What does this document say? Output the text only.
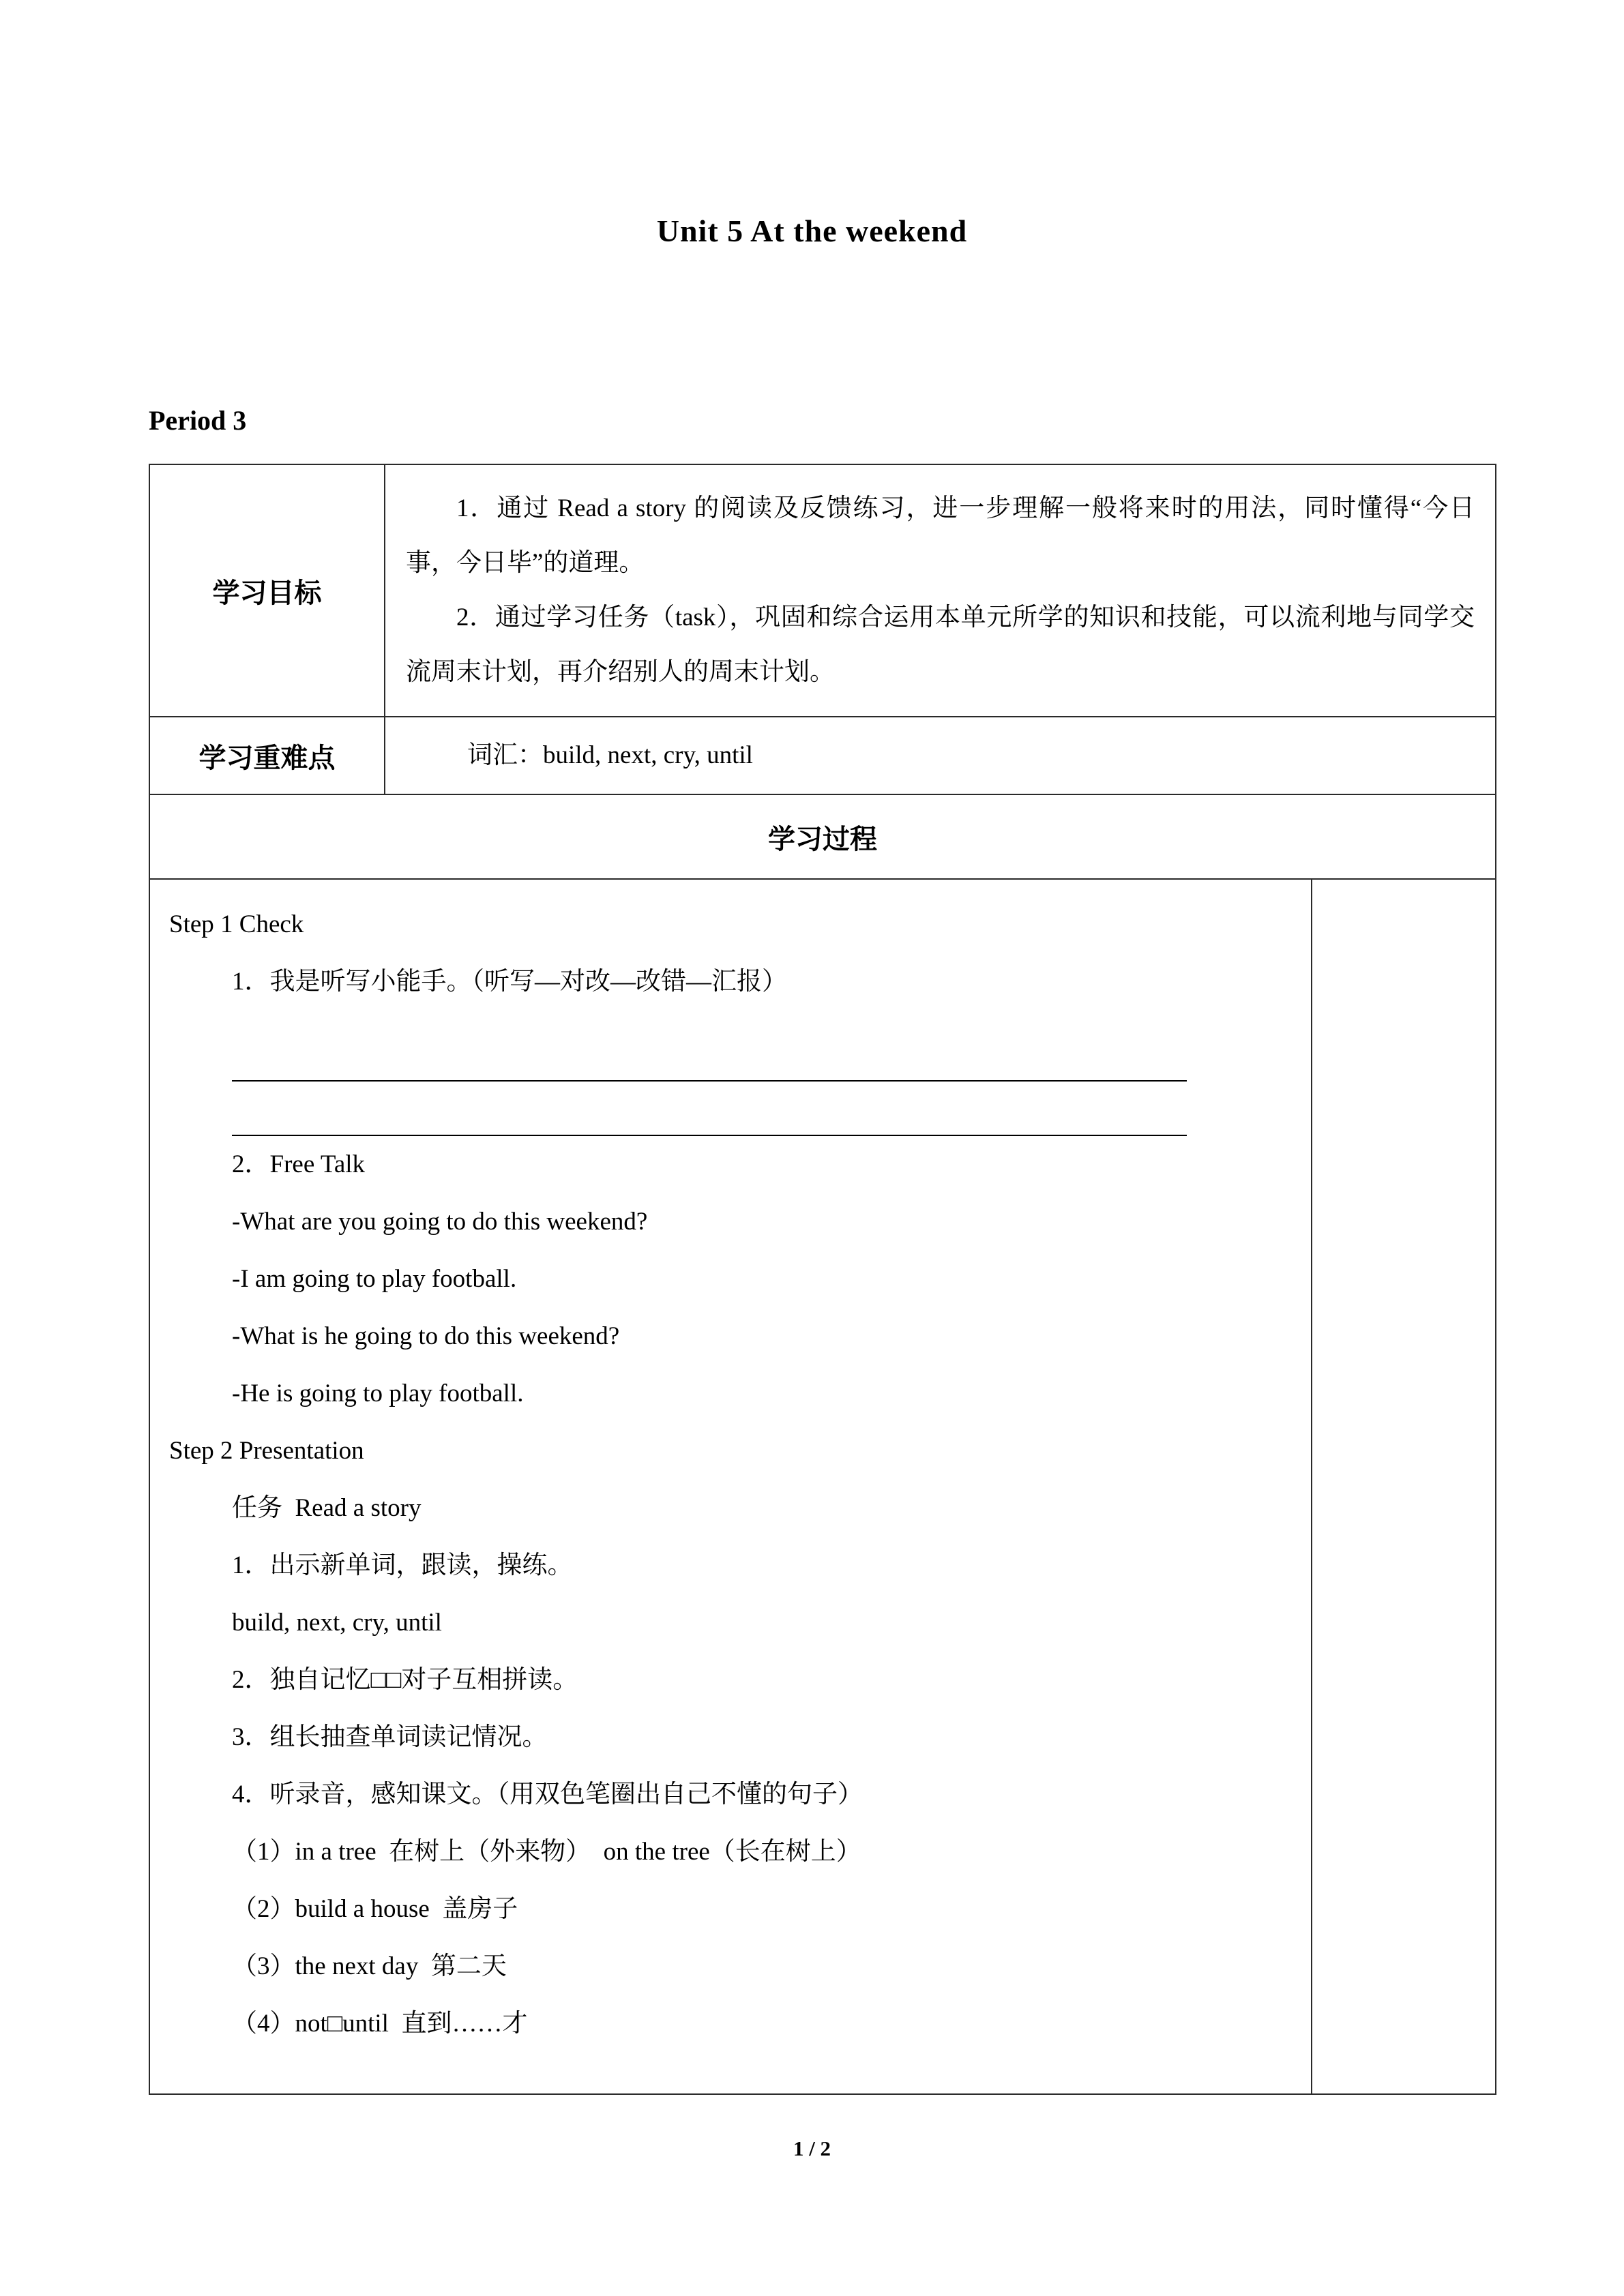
Unit 5 At the weekend
Period 3
学习目标	1．通过 Read a story 的阅读及反馈练习，进一步理解一般将来时的用法，同时懂得“今日事，今日毕”的道理。

2．通过学习任务（task），巩固和综合运用本单元所学的知识和技能，可以流利地与同学交流周末计划，再介绍别人的周末计划。

学习重难点	词汇：build, next, cry, until
学习过程	

Step 1 Check
1．我是听写小能手。（听写—对改—改错—汇报）
2．Free Talk
-What are you going to do this weekend?
-I am going to play football.
-What is he going to do this weekend?
-He is going to play football.
Step 2 Presentation
任务  Read a story
1．出示新单词，跟读，操练。
build, next, cry, until
2．独自记忆□□对子互相拼读。
3．组长抽查单词读记情况。
4．听录音，感知课文。（用双色笔圈出自己不懂的句子）
（1）in a tree  在树上（外来物）  on the tree（长在树上）
（2）build a house  盖房子
（3）the next day  第二天
（4）not□until  直到……才
1 / 2
